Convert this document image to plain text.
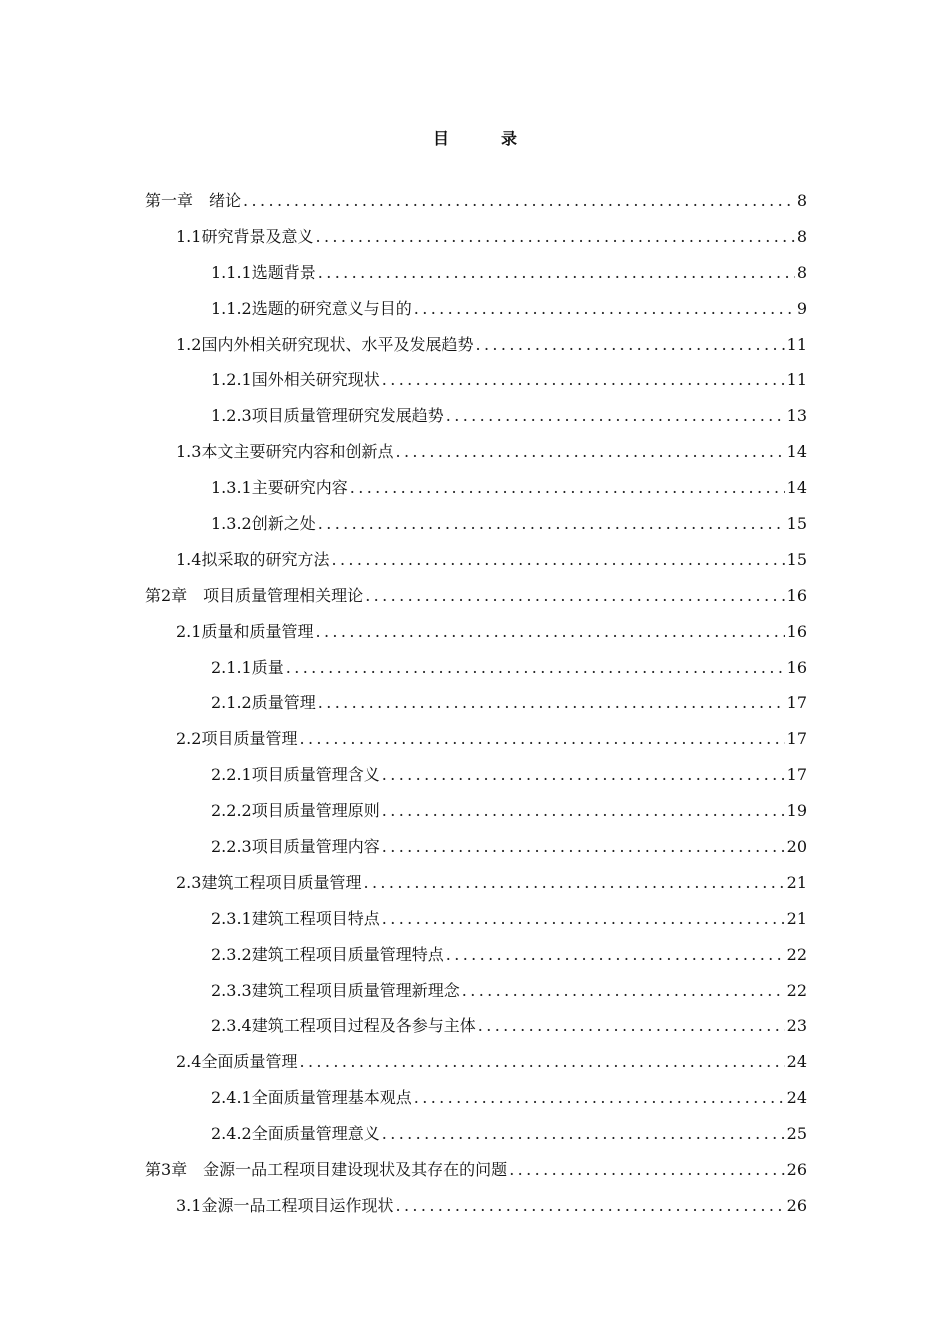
目　录
第一章　绪论 .....	8
1.1研究背景及意义 .....	8
1.1.1选题背景 .....	8
1.1.2选题的研究意义与目的 .....	9
1.2国内外相关研究现状、水平及发展趋势 .....	11
1.2.1国外相关研究现状 .....	11
1.2.3项目质量管理研究发展趋势 .....	13
1.3本文主要研究内容和创新点 .....	14
1.3.1主要研究内容 .....	14
1.3.2创新之处 .....	15
1.4拟采取的研究方法 .....	15
第2章　项目质量管理相关理论 .....	16
2.1质量和质量管理 .....	16
2.1.1质量 .....	16
2.1.2质量管理 .....	17
2.2项目质量管理 .....	17
2.2.1项目质量管理含义 .....	17
2.2.2项目质量管理原则 .....	19
2.2.3项目质量管理内容 .....	20
2.3建筑工程项目质量管理 .....	21
2.3.1建筑工程项目特点 .....	21
2.3.2建筑工程项目质量管理特点 .....	22
2.3.3建筑工程项目质量管理新理念 .....	22
2.3.4建筑工程项目过程及各参与主体 .....	23
2.4全面质量管理 .....	24
2.4.1全面质量管理基本观点 .....	24
2.4.2全面质量管理意义 .....	25
第3章　金源一品工程项目建设现状及其存在的问题 .....	26
3.1金源一品工程项目运作现状 .....	26
